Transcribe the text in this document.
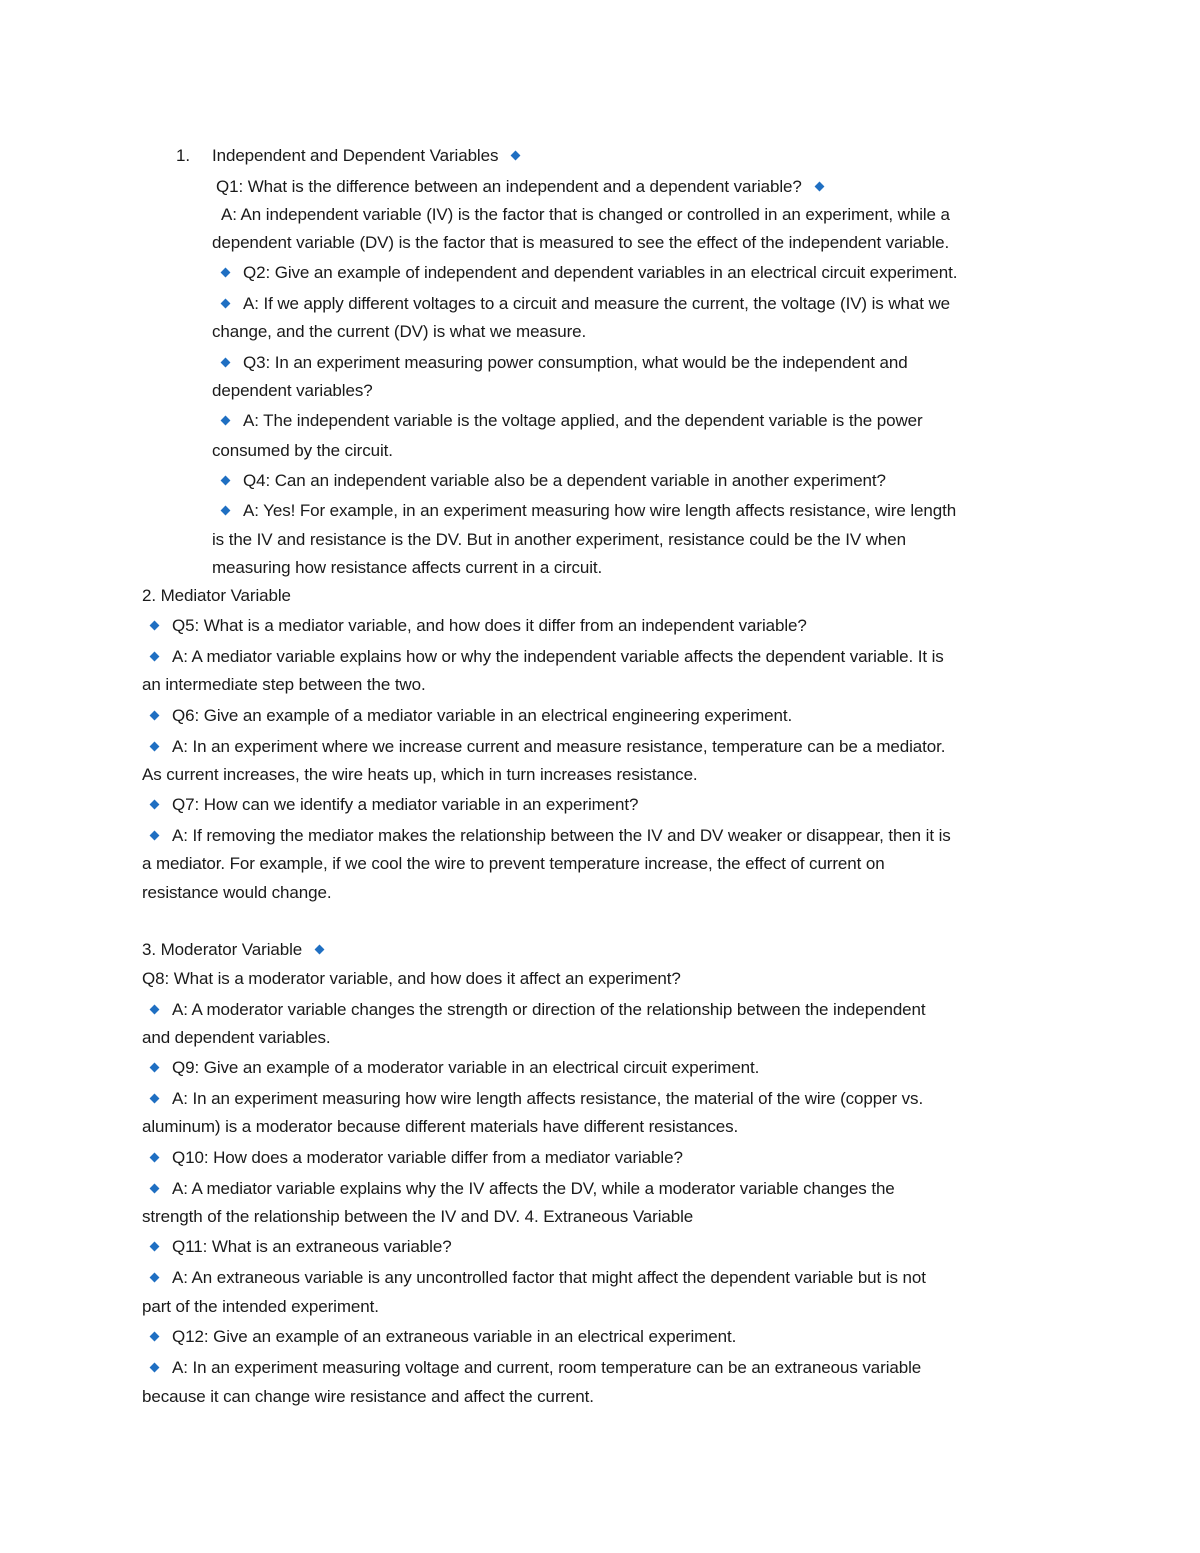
1. Independent and Dependent Variables
Q1: What is the difference between an independent and a dependent variable?
A: An independent variable (IV) is the factor that is changed or controlled in an experiment, while a
dependent variable (DV) is the factor that is measured to see the effect of the independent variable.
Q2: Give an example of independent and dependent variables in an electrical circuit experiment.
A: If we apply different voltages to a circuit and measure the current, the voltage (IV) is what we
change, and the current (DV) is what we measure.
Q3: In an experiment measuring power consumption, what would be the independent and
dependent variables?
A: The independent variable is the voltage applied, and the dependent variable is the power
consumed by the circuit.
Q4: Can an independent variable also be a dependent variable in another experiment?
A: Yes! For example, in an experiment measuring how wire length affects resistance, wire length
is the IV and resistance is the DV. But in another experiment, resistance could be the IV when
measuring how resistance affects current in a circuit.
2. Mediator Variable
Q5: What is a mediator variable, and how does it differ from an independent variable?
A: A mediator variable explains how or why the independent variable affects the dependent variable. It is
an intermediate step between the two.
Q6: Give an example of a mediator variable in an electrical engineering experiment.
A: In an experiment where we increase current and measure resistance, temperature can be a mediator.
As current increases, the wire heats up, which in turn increases resistance.
Q7: How can we identify a mediator variable in an experiment?
A: If removing the mediator makes the relationship between the IV and DV weaker or disappear, then it is
a mediator. For example, if we cool the wire to prevent temperature increase, the effect of current on
resistance would change.
3. Moderator Variable
Q8: What is a moderator variable, and how does it affect an experiment?
A: A moderator variable changes the strength or direction of the relationship between the independent
and dependent variables.
Q9: Give an example of a moderator variable in an electrical circuit experiment.
A: In an experiment measuring how wire length affects resistance, the material of the wire (copper vs.
aluminum) is a moderator because different materials have different resistances.
Q10: How does a moderator variable differ from a mediator variable?
A: A mediator variable explains why the IV affects the DV, while a moderator variable changes the
strength of the relationship between the IV and DV. 4. Extraneous Variable
Q11: What is an extraneous variable?
A: An extraneous variable is any uncontrolled factor that might affect the dependent variable but is not
part of the intended experiment.
Q12: Give an example of an extraneous variable in an electrical experiment.
A: In an experiment measuring voltage and current, room temperature can be an extraneous variable
because it can change wire resistance and affect the current.
